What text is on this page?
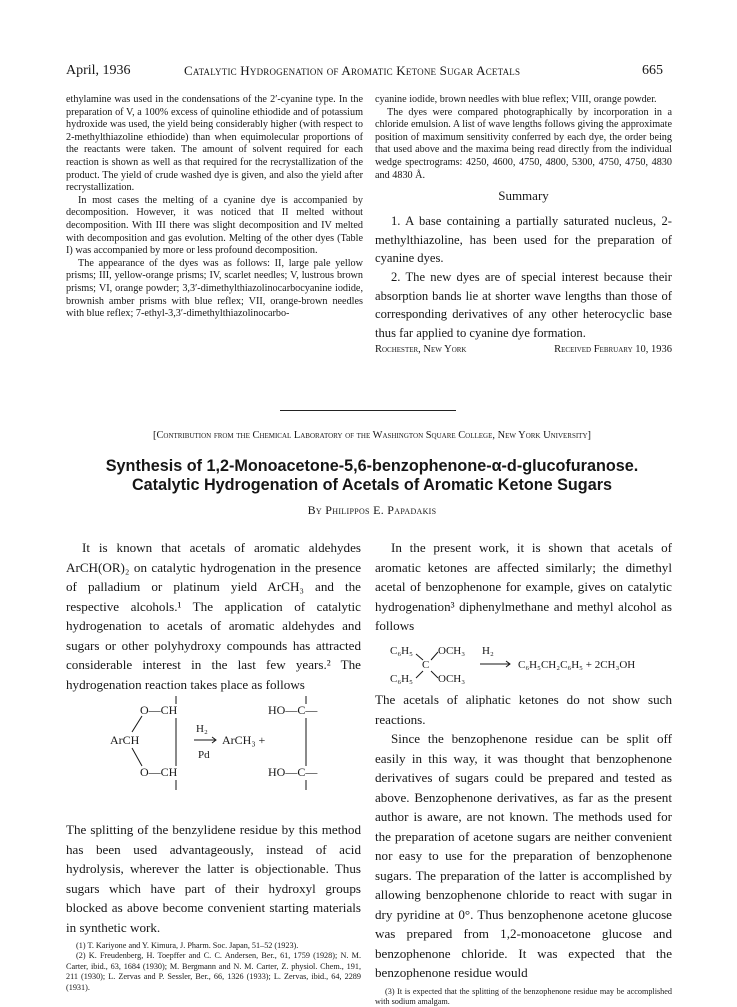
April, 1936	Catalytic Hydrogenation of Aromatic Ketone Sugar Acetals	665

ethylamine was used in the condensations of the 2′-cyanine type. In the preparation of V, a 100% excess of quinoline ethiodide and of potassium hydroxide was used, the yield being considerably higher (with respect to 2-methylthiazoline ethiodide) than when equimolecular proportions of the reactants were taken. The amount of solvent required for each reaction is shown as well as that required for the recrystallization of the product. The yield of crude washed dye is given, and also the yield after recrystallization.

In most cases the melting of a cyanine dye is accompanied by decomposition. However, it was noticed that II melted without decomposition. With III there was slight decomposition and IV melted with decomposition and gas evolution. Melting of the other dyes (Table I) was accompanied by more or less profound decomposition.

The appearance of the dyes was as follows: II, large pale yellow prisms; III, yellow-orange prisms; IV, scarlet needles; V, lustrous brown prisms; VI, orange powder; 3,3′-dimethylthiazolinocarbocyanine iodide, brownish amber prisms with blue reflex; VII, orange-brown needles with blue reflex; 7-ethyl-3,3′-dimethylthiazolinocarbo-

cyanine iodide, brown needles with blue reflex; VIII, orange powder.

The dyes were compared photographically by incorporation in a chloride emulsion. A list of wave lengths follows giving the approximate position of maximum sensitivity conferred by each dye, the order being that used above and the maxima being read directly from the individual wedge spectrograms: 4250, 4600, 4750, 4800, 5300, 4750, 4750, 4830 and 4830 Å.

Summary

1. A base containing a partially saturated nucleus, 2-methylthiazoline, has been used for the preparation of cyanine dyes.

2. The new dyes are of special interest because their absorption bands lie at shorter wave lengths than those of corresponding derivatives of any other heterocyclic base thus far applied to cyanine dye formation.

Rochester, New York	Received February 10, 1936
[Contribution from the Chemical Laboratory of the Washington Square College, New York University]
Synthesis of 1,2-Monoacetone-5,6-benzophenone-α-d-glucofuranose. Catalytic Hydrogenation of Acetals of Aromatic Ketone Sugars
By Philippos E. Papadakis

It is known that acetals of aromatic aldehydes ArCH(OR)₂ on catalytic hydrogenation in the presence of palladium or platinum yield ArCH₃ and the respective alcohols.¹ The application of catalytic hydrogenation to acetals of aromatic aldehydes and sugars or other polyhydroxy compounds has attracted considerable interest in the last few years.² The hydrogenation reaction takes place as follows

O—CH
ArCH
O—CH
H₂
Pd
ArCH₃ +
HO—C—
HO—C—

The splitting of the benzylidene residue by this method has been used advantageously, instead of acid hydrolysis, wherever the latter is objectionable. Thus sugars which have part of their hydroxyl groups blocked as above become convenient starting materials in synthetic work.

(1) T. Kariyone and Y. Kimura, J. Pharm. Soc. Japan, 51–52 (1923).

(2) K. Freudenberg, H. Toepffer and C. C. Andersen, Ber., 61, 1759 (1928); N. M. Carter, ibid., 63, 1684 (1930); M. Bergmann and N. M. Carter, Z. physiol. Chem., 191, 211 (1930); L. Zervas and P. Sessler, Ber., 66, 1326 (1933); L. Zervas, ibid., 64, 2289 (1931).

In the present work, it is shown that acetals of aromatic ketones are affected similarly; the dimethyl acetal of benzophenone for example, gives on catalytic hydrogenation³ diphenylmethane and methyl alcohol as follows

C₆H₅
C
OCH₃
C₆H₅ OCH₃
H₂
C₆H₅CH₂C₆H₅ + 2CH₃OH

The acetals of aliphatic ketones do not show such reactions.

Since the benzophenone residue can be split off easily in this way, it was thought that benzophenone derivatives of sugars could be prepared and tested as above. Benzophenone derivatives, as far as the present author is aware, are not known. The methods used for the preparation of acetone sugars are neither convenient nor easy to use for the preparation of benzophenone sugars. The preparation of the latter is accomplished by allowing benzophenone chloride to react with sugar in dry pyridine at 0°. Thus benzophenone acetone glucose was prepared from 1,2-monoacetone glucose and benzophenone chloride. It was expected that the benzophenone residue would

(3) It is expected that the splitting of the benzophenone residue may be accomplished with sodium amalgam.
